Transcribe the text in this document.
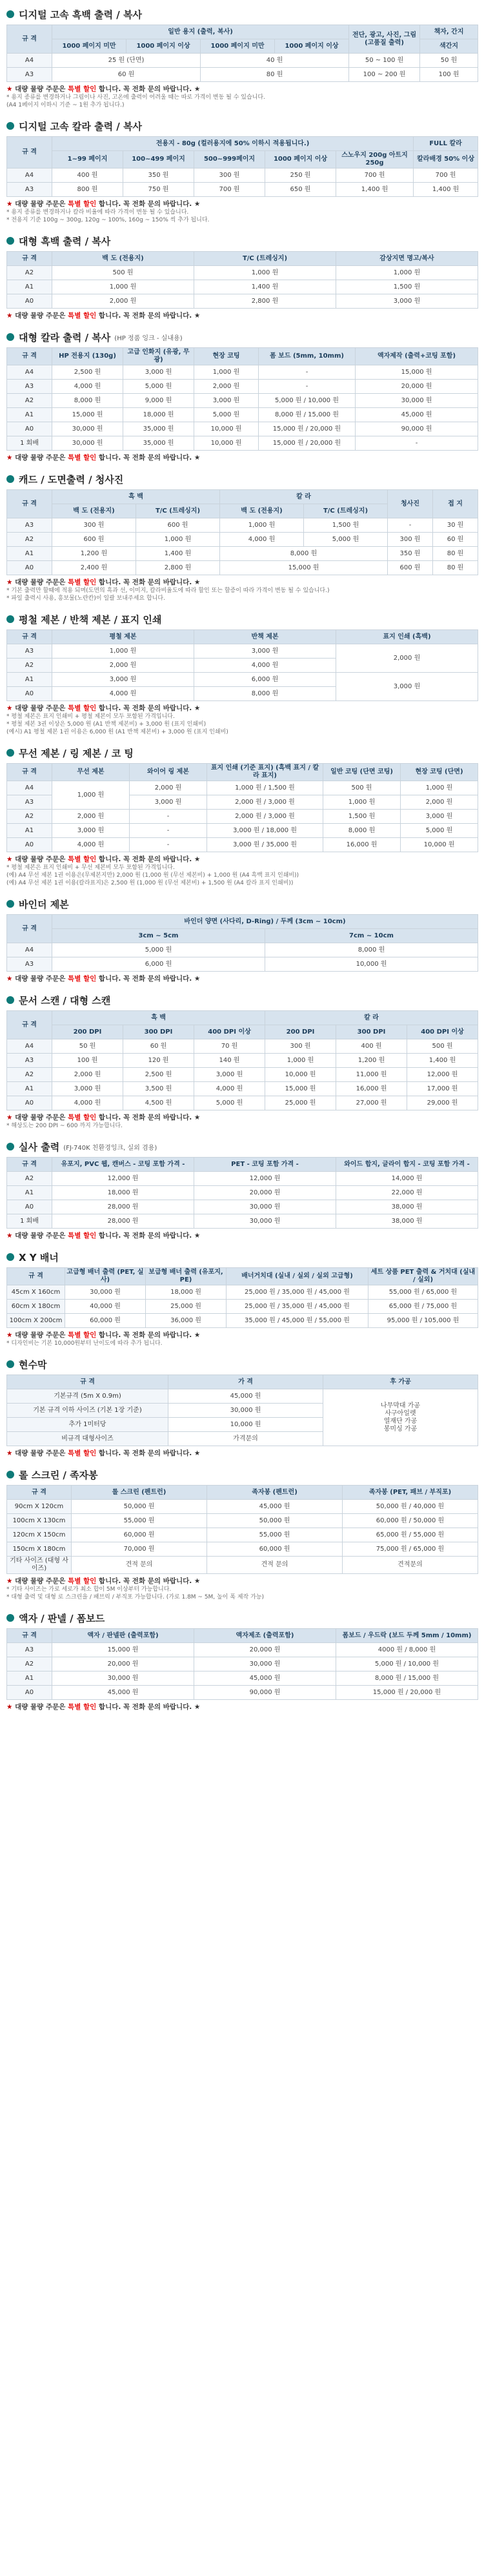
디지털 고속 흑백 출력 / 복사
규 격	일반 용지 (출력, 복사)				전단, 광고, 사진, 그림 (고품질 출력)	책자, 간지
	1000 페이지 미만	1000 페이지 이상	1000 페이지 미만	1000 페이지 이상		색간지
A4	25 원 (단면)		40 원		50 ~ 100 원	50 원
A3	60 원		80 원		100 ~ 200 원	100 원
★ 대량 물량 주문은 특별 할인 합니다. 꼭 전화 문의 바랍니다. ★
* 용지 종류를 변경하거나 그림이나 사진, 고온에 출력이 어려울 때는 따로 가격이 변동 될 수 있습니다.
(A4 1페이지 이하시 기준 ~ 1원 추가 됩니다.)
디지털 고속 칼라 출력 / 복사
규 격	전용지 - 80g (컬러용지에 50% 이하시 적용됩니다.)					FULL 칼라
	1~99 페이지	100~499 페이지	500~999페이지	1000 페이지 이상	스노우지 200g 아트지 250g	칼라배경 50% 이상
A4	400 원	350 원	300 원	250 원	700 원	700 원
A3	800 원	750 원	700 원	650 원	1,400 원	1,400 원
★ 대량 물량 주문은 특별 할인 합니다. 꼭 전화 문의 바랍니다. ★
* 용지 종류를 변경하거나 칼라 비율에 따라 가격이 변동 될 수 있습니다.
* 전용지 기준 100g ~ 300g, 120g ~ 100%, 160g ~ 150% 씩 추가 됩니다.
대형 흑백 출력 / 복사
규 격	백 도 (전용지)	T/C (트레싱지)	감상지면 명고/복사
A2	500 원	1,000 원	1,000 원
A1	1,000 원	1,400 원	1,500 원
A0	2,000 원	2,800 원	3,000 원
★ 대량 물량 주문은 특별 할인 합니다. 꼭 전화 문의 바랍니다. ★
대형 칼라 출력 / 복사 (HP 정품 잉크 - 실내용)
규 격	HP 전용지 (130g)	고급 인화지 (유광, 무광)	현장 코팅	폼 보드 (5mm, 10mm)	액자제작 (출력+코팅 포함)
A4	2,500 원	3,000 원	1,000 원	-	15,000 원
A3	4,000 원	5,000 원	2,000 원	-	20,000 원
A2	8,000 원	9,000 원	3,000 원	5,000 원 / 10,000 원	30,000 원
A1	15,000 원	18,000 원	5,000 원	8,000 원 / 15,000 원	45,000 원
A0	30,000 원	35,000 원	10,000 원	15,000 원 / 20,000 원	90,000 원
1 회배	30,000 원	35,000 원	10,000 원	15,000 원 / 20,000 원	-
★ 대량 물량 주문은 특별 할인 합니다. 꼭 전화 문의 바랍니다. ★
캐드 / 도면출력 / 청사진
규 격	흑 백		칼 라		청사진	접 지
	백 도 (전용지)	T/C (트레싱지)	백 도 (전용지)	T/C (트레싱지)		
A3	300 원	600 원	1,000 원	1,500 원	-	30 원
A2	600 원	1,000 원	4,000 원	5,000 원	300 원	60 원
A1	1,200 원	1,400 원	8,000 원		350 원	80 원
A0	2,400 원	2,800 원	15,000 원		600 원	80 원
★ 대량 물량 주문은 특별 할인 합니다. 꼭 전화 문의 바랍니다. ★
* 기본 출력만 할때에 적용 되며(도면의 흑과 선, 이미지, 칼라비율도에 따라 할인 또는 할증이 따라 가격이 변동 될 수 있습니다.)
* 파일 출력시 사용, 흥보물(노란칸)이 일괄 보내주세요 합니다.
평철 제본 / 반책 제본 / 표지 인쇄
규 격	평철 제본	반책 제본	표지 인쇄 (흑백)
A3	1,000 원	3,000 원	2,000 원
A2	2,000 원	4,000 원	
A1	3,000 원	6,000 원	3,000 원
A0	4,000 원	8,000 원	
★ 대량 물량 주문은 특별 할인 합니다. 꼭 전화 문의 바랍니다. ★
* 평철 제본은 표지 인쇄비 + 평철 제본이 모두 포함된 가격입니다.
* 평철 제본 3권 이상은 5,000 원 (A1 반책 제본비) + 3,000 원 (표지 인쇄비)
(예시) A1 평철 제본 1권 이용은 6,000 원 (A1 반책 제본비) + 3,000 원 (표지 인쇄비)
무선 제본 / 링 제본 / 코 팅
규 격	무선 제본	와이어 링 제본	표지 인쇄 (기준 표지) (흑백 표지 / 칼라 표지)	일반 코팅 (단면 코팅)	현장 코팅 (단면)
A4	1,000 원	2,000 원	1,000 원 / 1,500 원	500 원	1,000 원
A3		3,000 원	2,000 원 / 3,000 원	1,000 원	2,000 원
A2	2,000 원	-	2,000 원 / 3,000 원	1,500 원	3,000 원
A1	3,000 원	-	3,000 원 / 18,000 원	8,000 원	5,000 원
A0	4,000 원	-	3,000 원 / 35,000 원	16,000 원	10,000 원
★ 대량 물량 주문은 특별 할인 합니다. 꼭 전화 문의 바랍니다. ★
* 평철 제본은 표지 인쇄비 + 무선 제본비 모두 포함된 가격입니다.
(예) A4 무선 제본 1권 이용은(무제본지만) 2,000 원 (1,000 원 (무선 제본비) + 1,000 원 (A4 흑백 표지 인쇄비))
(예) A4 무선 제본 1권 이용(칼라표지)은 2,500 원 (1,000 원 (무선 제본비) + 1,500 원 (A4 칼라 표지 인쇄비))
바인더 제본
규 격	바인더 양면 (사다리, D-Ring) / 두께 (3cm ~ 10cm)	
	3cm ~ 5cm	7cm ~ 10cm
A4	5,000 원	8,000 원
A3	6,000 원	10,000 원
★ 대량 물량 주문은 특별 할인 합니다. 꼭 전화 문의 바랍니다. ★
문서 스캔 / 대형 스캔
규 격	흑 백			칼 라		
	200 DPI	300 DPI	400 DPI 이상	200 DPI	300 DPI	400 DPI 이상
A4	50 원	60 원	70 원	300 원	400 원	500 원
A3	100 원	120 원	140 원	1,000 원	1,200 원	1,400 원
A2	2,000 원	2,500 원	3,000 원	10,000 원	11,000 원	12,000 원
A1	3,000 원	3,500 원	4,000 원	15,000 원	16,000 원	17,000 원
A0	4,000 원	4,500 원	5,000 원	25,000 원	27,000 원	29,000 원
★ 대량 물량 주문은 특별 할인 합니다. 꼭 전화 문의 바랍니다. ★
* 해상도는 200 DPI ~ 600 까지 가능합니다.
실사 출력 (FJ-740K 친환경잉크, 실외 겸용)
규 격	유포지, PVC 웹, 캔버스 - 코팅 포함 가격 -	PET - 코팅 포함 가격 -	와이드 합지, 글라이 합지 - 코팅 포함 가격 -
A2	12,000 원	12,000 원	14,000 원
A1	18,000 원	20,000 원	22,000 원
A0	28,000 원	30,000 원	38,000 원
1 회배	28,000 원	30,000 원	38,000 원
★ 대량 물량 주문은 특별 할인 합니다. 꼭 전화 문의 바랍니다. ★
X Y 배너
규 격	고급형 배너 출력 (PET, 실사)	보급형 배너 출력 (유포지, PE)	배너거치대 (실내 / 실외 / 실외 고급형)	세트 상품 PET 출력 & 거치대 (실내 / 실외)
45cm X 160cm	30,000 원	18,000 원	25,000 원 / 35,000 원 / 45,000 원	55,000 원 / 65,000 원
60cm X 180cm	40,000 원	25,000 원	25,000 원 / 35,000 원 / 45,000 원	65,000 원 / 75,000 원
100cm X 200cm	60,000 원	36,000 원	35,000 원 / 45,000 원 / 55,000 원	95,000 원 / 105,000 원
★ 대량 물량 주문은 특별 할인 합니다. 꼭 전화 문의 바랍니다. ★
* 디자인비는 기본 10,000원부터 난이도에 따라 추가 됩니다.
현수막
규 격	가 격	후 가공
기본규격 (5m X 0.9m)	45,000 원	나무막대 가공
사구아일렛
열재단 가공
봉미싱 가공

기본 규격 이하 사이즈 (기본 1장 기준)	30,000 원	
추가 1미터당	10,000 원	
비규격 대형사이즈	가격문의	
★ 대량 물량 주문은 특별 할인 합니다. 꼭 전화 문의 바랍니다. ★
롤 스크린 / 족자봉
규 격	롤 스크린 (펜트런)	족자봉 (펜트런)	족자봉 (PET, 패브 / 부직포)
90cm X 120cm	50,000 원	45,000 원	50,000 원 / 40,000 원
100cm X 130cm	55,000 원	50,000 원	60,000 원 / 50,000 원
120cm X 150cm	60,000 원	55,000 원	65,000 원 / 55,000 원
150cm X 180cm	70,000 원	60,000 원	75,000 원 / 65,000 원
기타 사이즈 (대형 사이즈)	견적 문의	견적 문의	견적문의
★ 대량 물량 주문은 특별 할인 합니다. 꼭 전화 문의 바랍니다. ★
* 기타 사이즈는 가로 세로가 최소 합이 5M 이상부터 가능합니다.
* 대형 출력 및 대형 로 스크린을 / 패브릭 / 부직포 가능합니다. (가로 1.8M ~ 5M, 높이 폭 제작 가능)
액자 / 판넬 / 폼보드
규 격	액자 / 판넬판 (출력포함)	액자제조 (출력포함)	폼보드 / 우드락 (보드 두께 5mm / 10mm)
A3	15,000 원	20,000 원	4000 원 / 8,000 원
A2	20,000 원	30,000 원	5,000 원 / 10,000 원
A1	30,000 원	45,000 원	8,000 원 / 15,000 원
A0	45,000 원	90,000 원	15,000 원 / 20,000 원
★ 대량 물량 주문은 특별 할인 합니다. 꼭 전화 문의 바랍니다. ★
